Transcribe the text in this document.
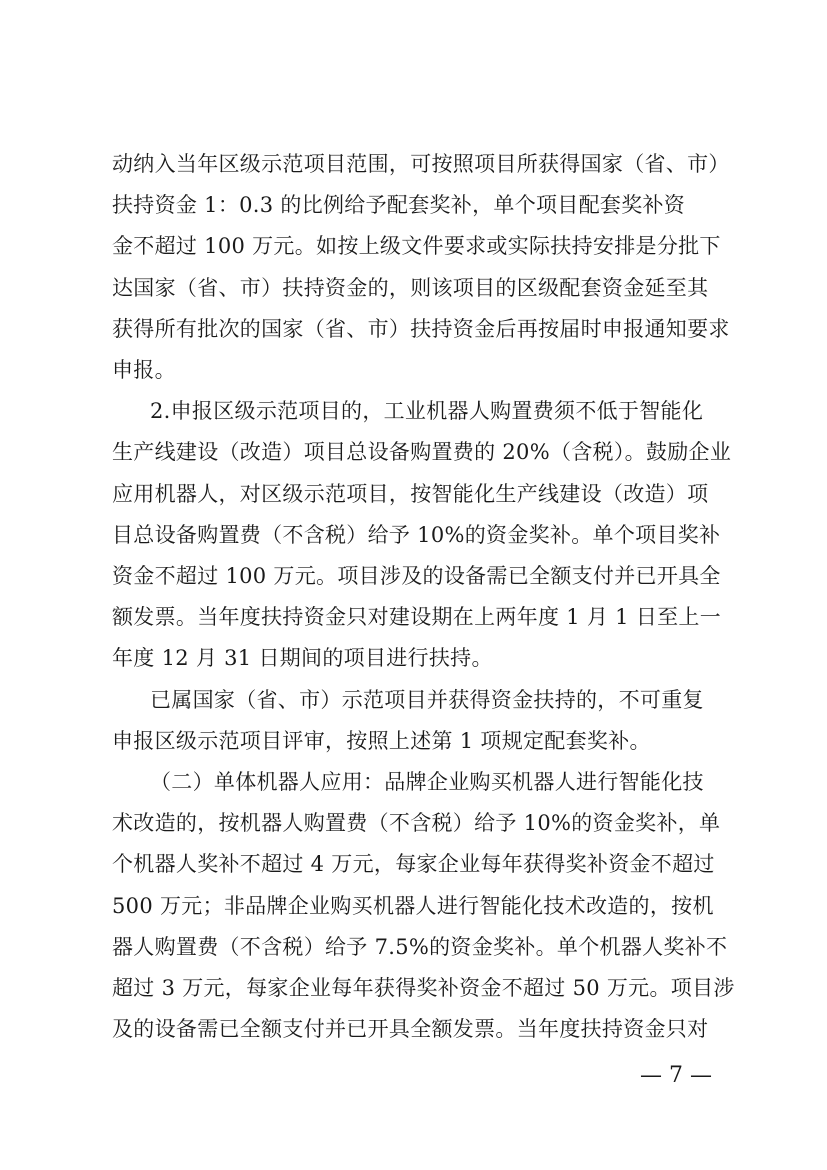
动纳入当年区级示范项目范围，可按照项目所获得国家（省、市）
扶持资金 1：0.3 的比例给予配套奖补，单个项目配套奖补资
金不超过 100 万元。如按上级文件要求或实际扶持安排是分批下
达国家（省、市）扶持资金的，则该项目的区级配套资金延至其
获得所有批次的国家（省、市）扶持资金后再按届时申报通知要求
申报。
2.申报区级示范项目的，工业机器人购置费须不低于智能化
生产线建设（改造）项目总设备购置费的 20%（含税）。鼓励企业
应用机器人，对区级示范项目，按智能化生产线建设（改造）项
目总设备购置费（不含税）给予 10%的资金奖补。单个项目奖补
资金不超过 100 万元。项目涉及的设备需已全额支付并已开具全
额发票。当年度扶持资金只对建设期在上两年度 1 月 1 日至上一
年度 12 月 31 日期间的项目进行扶持。
已属国家（省、市）示范项目并获得资金扶持的，不可重复
申报区级示范项目评审，按照上述第 1 项规定配套奖补。
（二）单体机器人应用：品牌企业购买机器人进行智能化技
术改造的，按机器人购置费（不含税）给予 10%的资金奖补，单
个机器人奖补不超过 4 万元，每家企业每年获得奖补资金不超过
500 万元；非品牌企业购买机器人进行智能化技术改造的，按机
器人购置费（不含税）给予 7.5%的资金奖补。单个机器人奖补不
超过 3 万元，每家企业每年获得奖补资金不超过 50 万元。项目涉
及的设备需已全额支付并已开具全额发票。当年度扶持资金只对
— 7 —
